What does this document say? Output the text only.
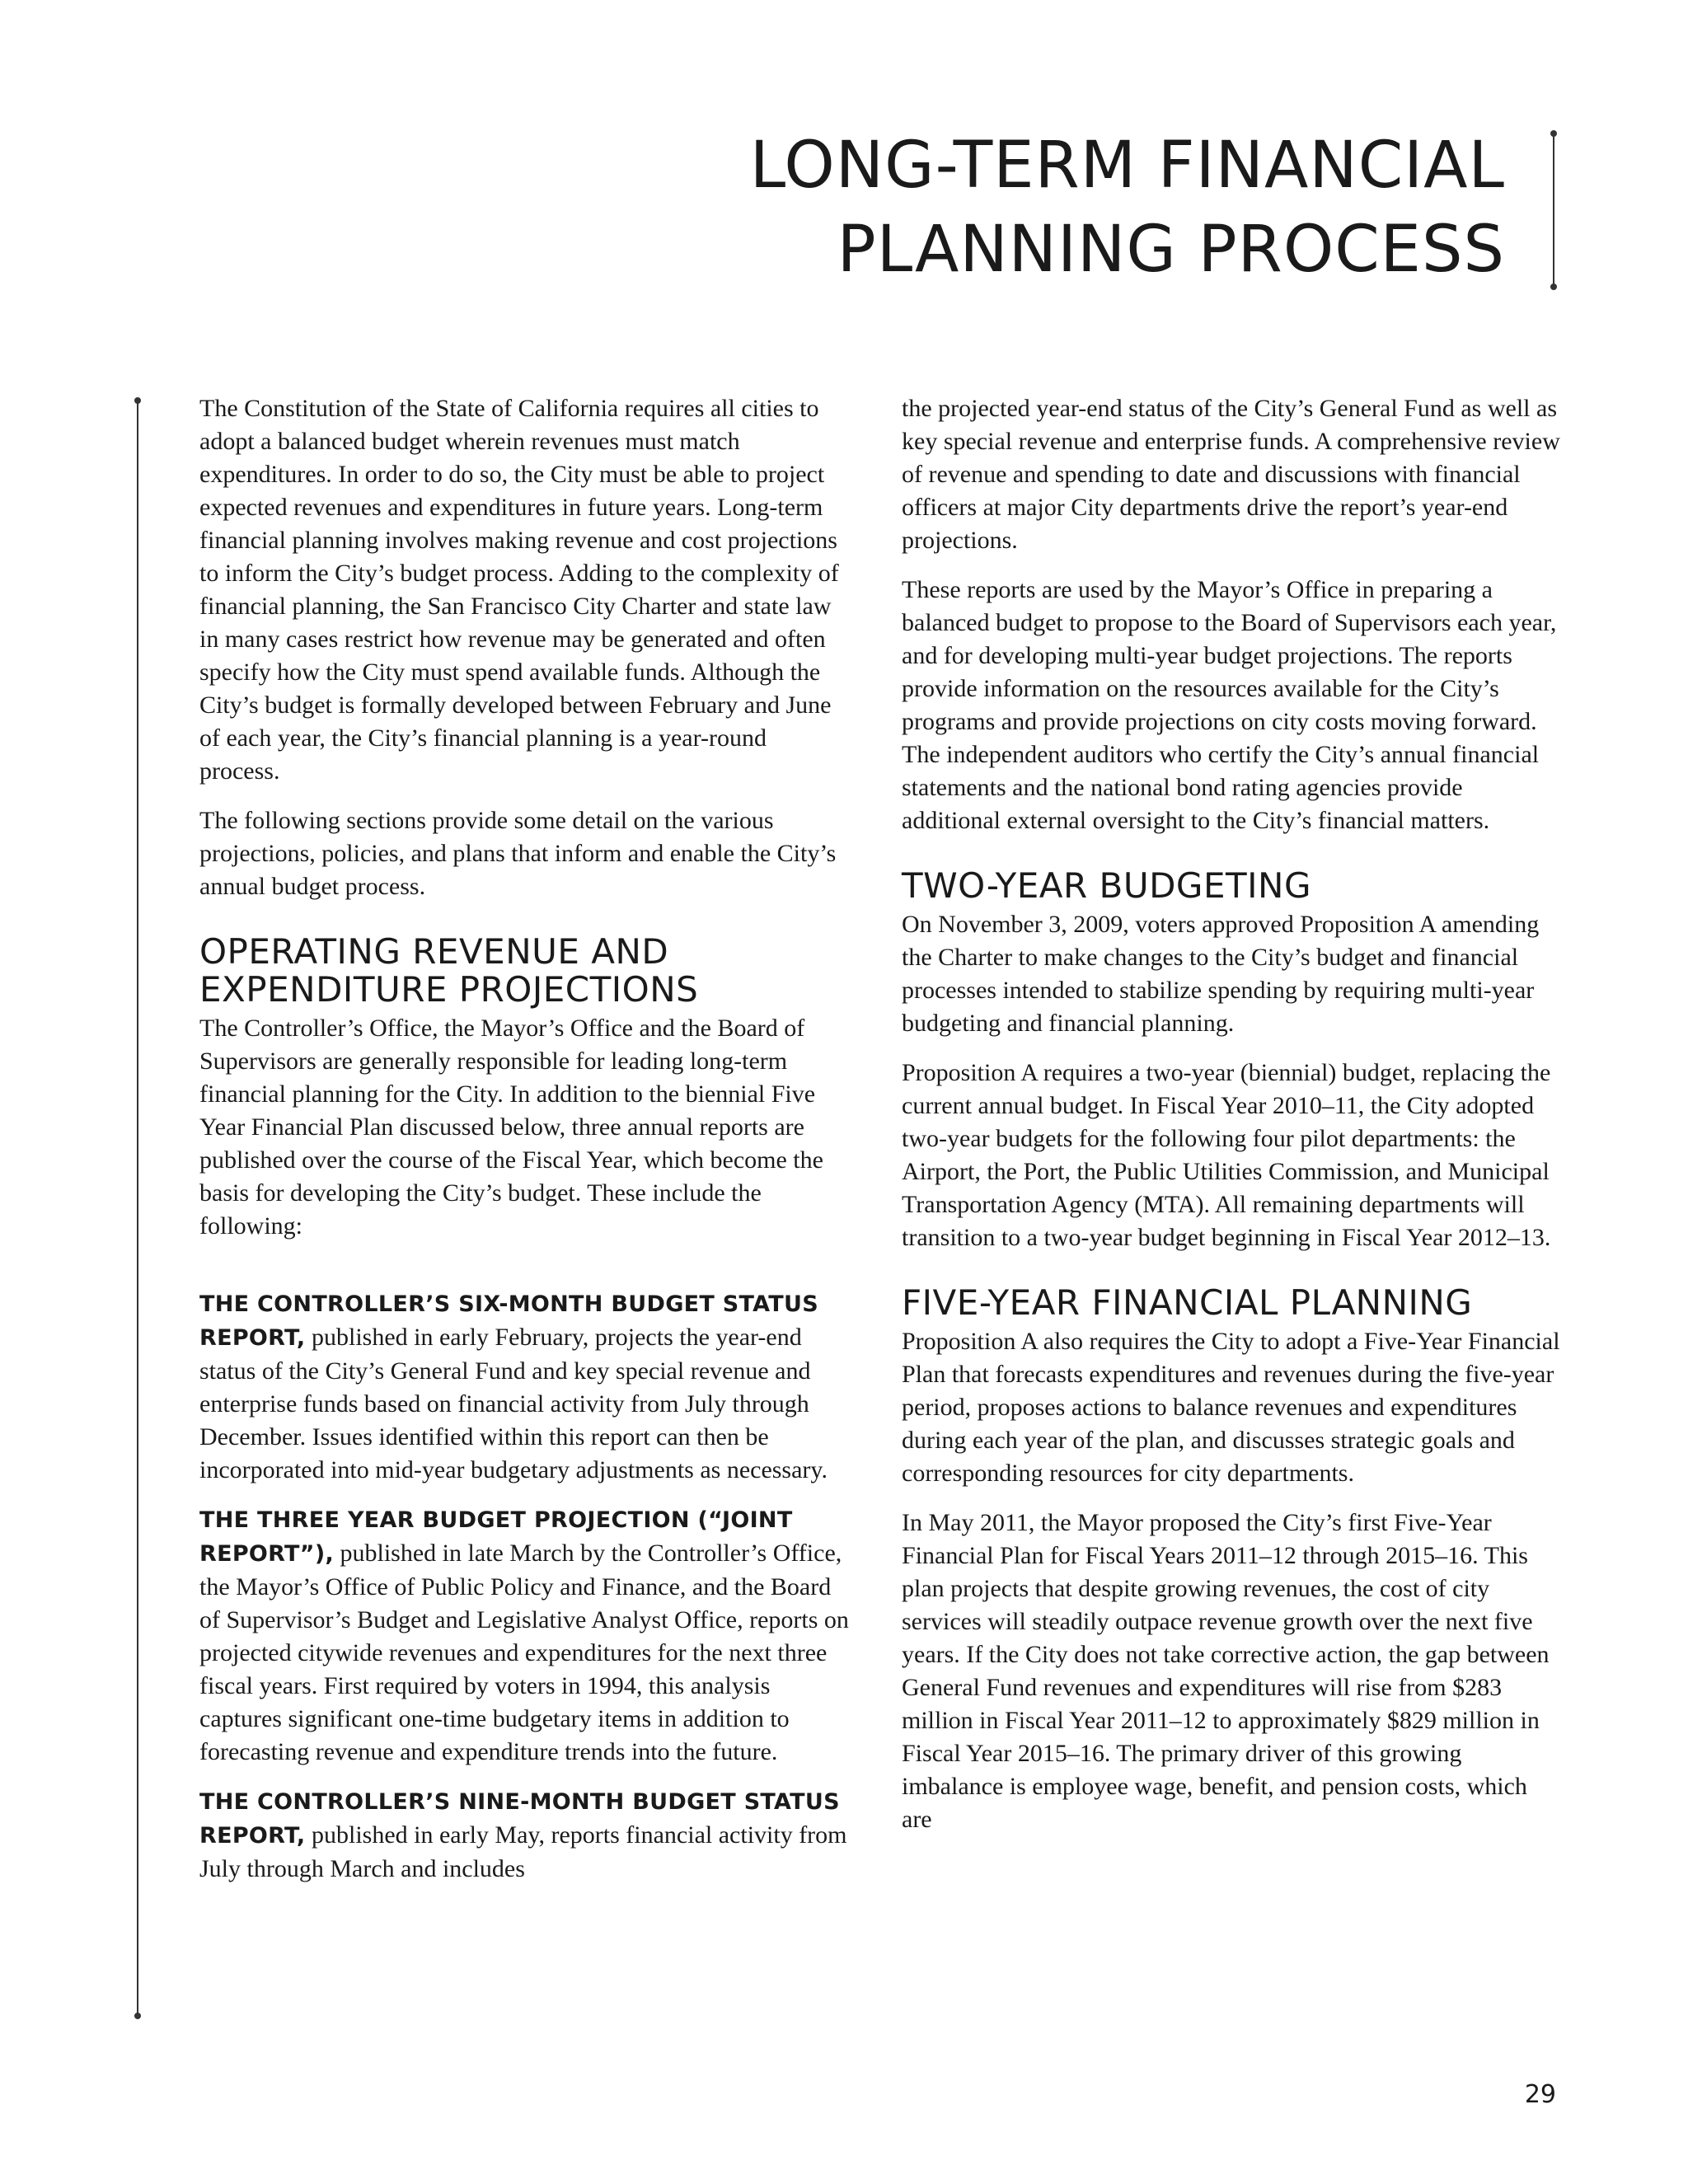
LONG-TERM FINANCIAL
PLANNING PROCESS

The Constitution of the State of California requires all cities to adopt a balanced budget wherein revenues must match expenditures. In order to do so, the City must be able to project expected revenues and expenditures in future years. Long-term financial planning involves making revenue and cost projections to inform the City’s budget process. Adding to the complexity of financial planning, the San Francisco City Charter and state law in many cases restrict how revenue may be generated and often specify how the City must spend available funds. Although the City’s budget is formally developed between February and June of each year, the City’s financial planning is a year-round process.

The following sections provide some detail on the various projections, policies, and plans that inform and enable the City’s annual budget process.

OPERATING REVENUE AND EXPENDITURE PROJECTIONS

The Controller’s Office, the Mayor’s Office and the Board of Supervisors are generally responsible for leading long-term financial planning for the City. In addition to the biennial Five Year Financial Plan discussed below, three annual reports are published over the course of the Fiscal Year, which become the basis for developing the City’s budget. These include the following:

THE CONTROLLER’S SIX-MONTH BUDGET STATUS REPORT, published in early February, projects the year-end status of the City’s General Fund and key special revenue and enterprise funds based on financial activity from July through December. Issues identified within this report can then be incorporated into mid-year budgetary adjustments as necessary.

THE THREE YEAR BUDGET PROJECTION (“JOINT REPORT”), published in late March by the Controller’s Office, the Mayor’s Office of Public Policy and Finance, and the Board of Supervisor’s Budget and Legislative Analyst Office, reports on projected citywide revenues and expenditures for the next three fiscal years. First required by voters in 1994, this analysis captures significant one-time budgetary items in addition to forecasting revenue and expenditure trends into the future.

THE CONTROLLER’S NINE-MONTH BUDGET STATUS REPORT, published in early May, reports financial activity from July through March and includes

the projected year-end status of the City’s General Fund as well as key special revenue and enterprise funds. A comprehensive review of revenue and spending to date and discussions with financial officers at major City departments drive the report’s year-end projections.

These reports are used by the Mayor’s Office in preparing a balanced budget to propose to the Board of Supervisors each year, and for developing multi-year budget projections. The reports provide information on the resources available for the City’s programs and provide projections on city costs moving forward. The independent auditors who certify the City’s annual financial statements and the national bond rating agencies provide additional external oversight to the City’s financial matters.

TWO-YEAR BUDGETING

On November 3, 2009, voters approved Proposition A amending the Charter to make changes to the City’s budget and financial processes intended to stabilize spending by requiring multi-year budgeting and financial planning.

Proposition A requires a two-year (biennial) budget, replacing the current annual budget. In Fiscal Year 2010–11, the City adopted two-year budgets for the following four pilot departments: the Airport, the Port, the Public Utilities Commission, and Municipal Transportation Agency (MTA). All remaining departments will transition to a two-year budget beginning in Fiscal Year 2012–13.

FIVE-YEAR FINANCIAL PLANNING

Proposition A also requires the City to adopt a Five-Year Financial Plan that forecasts expenditures and revenues during the five-year period, proposes actions to balance revenues and expenditures during each year of the plan, and discusses strategic goals and corresponding resources for city departments.

In May 2011, the Mayor proposed the City’s first Five-Year Financial Plan for Fiscal Years 2011–12 through 2015–16. This plan projects that despite growing revenues, the cost of city services will steadily outpace revenue growth over the next five years. If the City does not take corrective action, the gap between General Fund revenues and expenditures will rise from $283 million in Fiscal Year 2011–12 to approximately $829 million in Fiscal Year 2015–16. The primary driver of this growing imbalance is employee wage, benefit, and pension costs, which are

29
